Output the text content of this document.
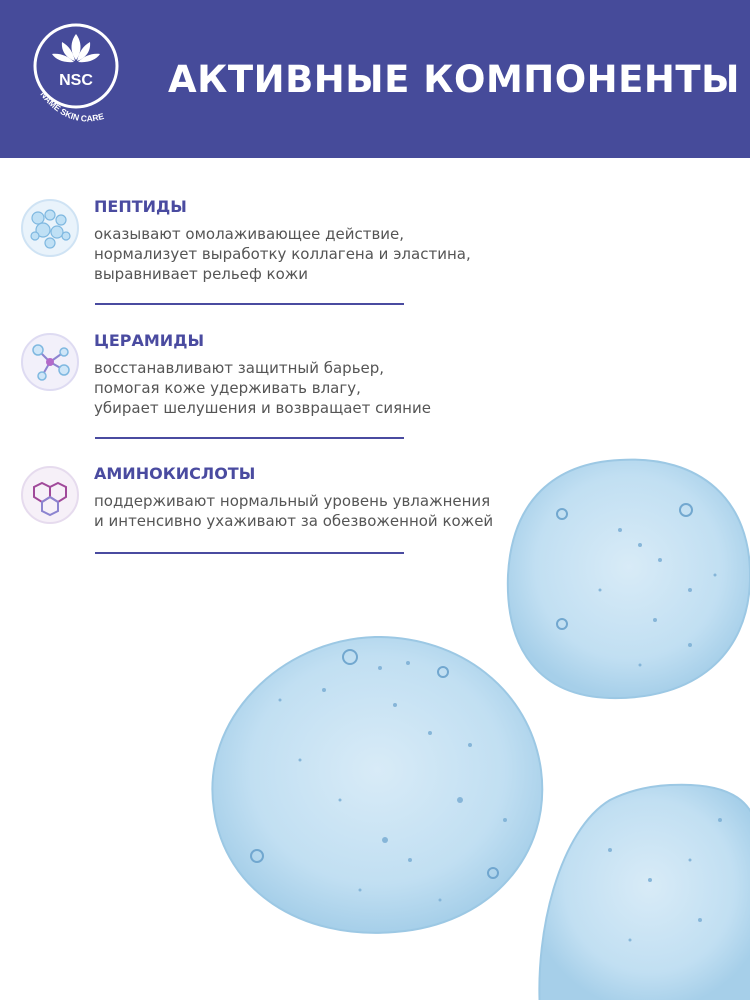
NSC
NAME SKIN CARE
АКТИВНЫЕ КОМПОНЕНТЫ
ПЕПТИДЫ
оказывают омолаживающее действие,
нормализует выработку коллагена и эластина,
выравнивает рельеф кожи
ЦЕРАМИДЫ
восстанавливают защитный барьер,
помогая коже удерживать влагу,
убирает шелушения и возвращает сияние
АМИНОКИСЛОТЫ
поддерживают нормальный уровень увлажнения
и интенсивно ухаживают за обезвоженной кожей
